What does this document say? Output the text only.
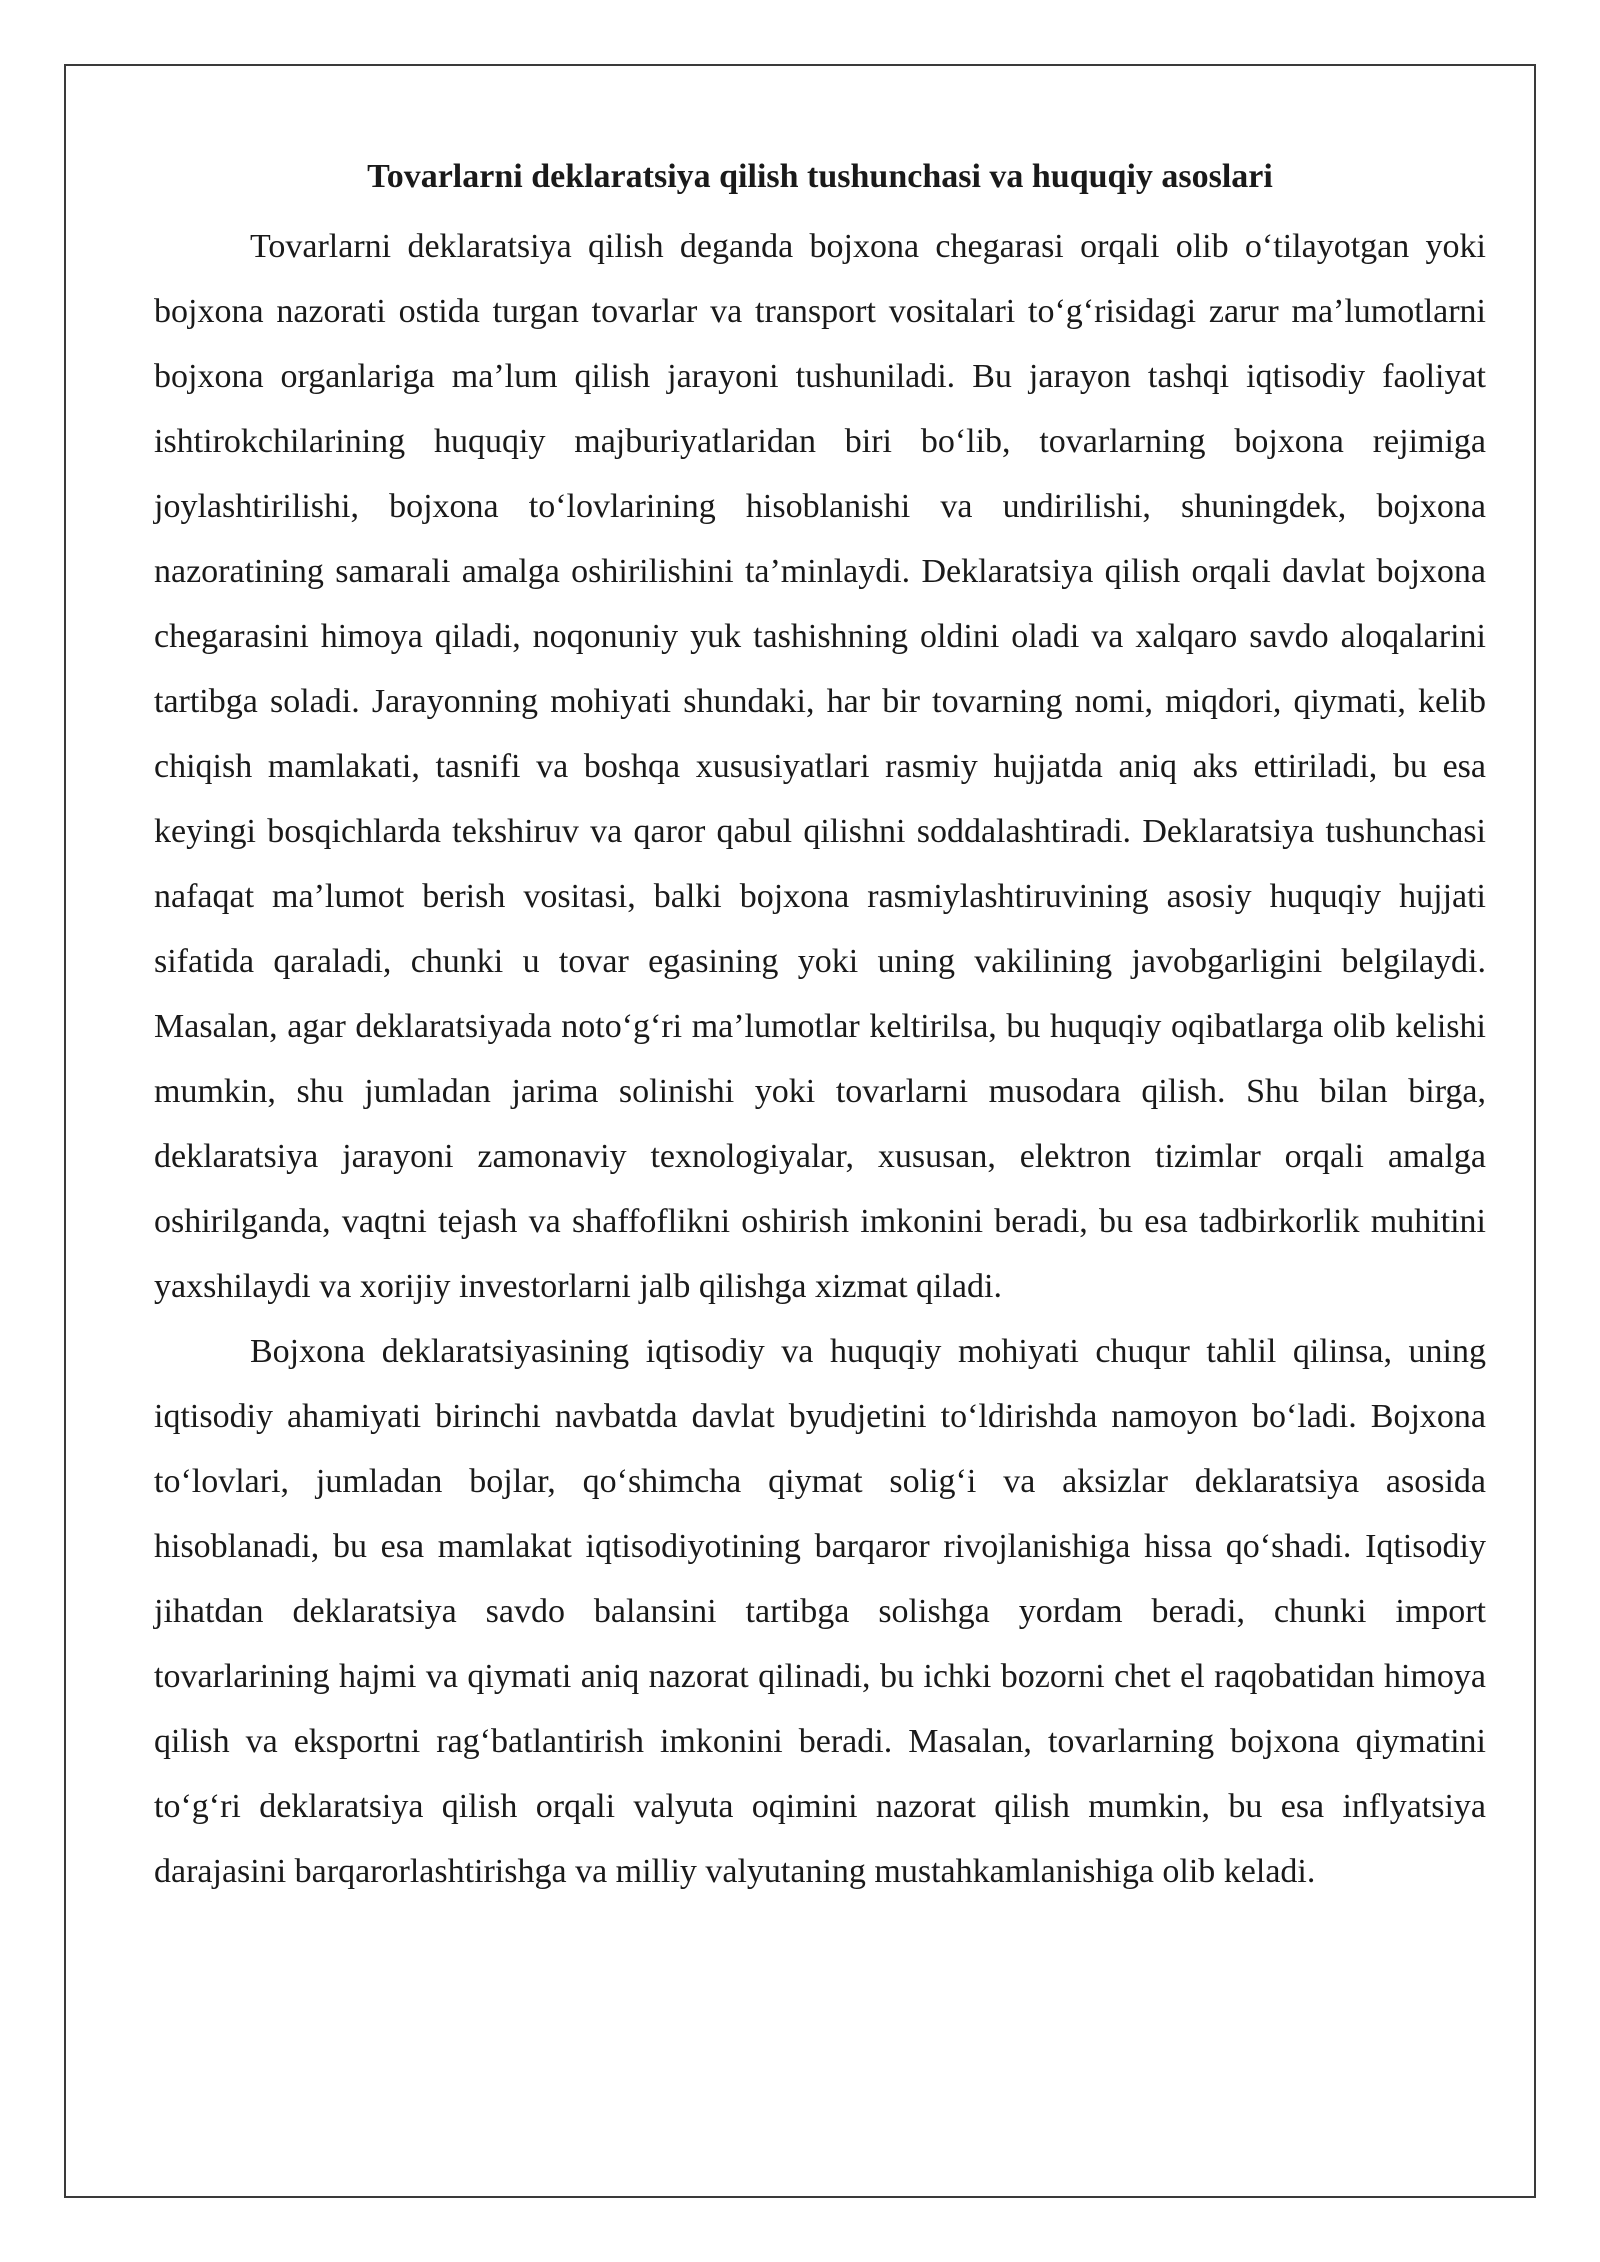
Tovarlarni deklaratsiya qilish tushunchasi va huquqiy asoslari

Tovarlarni deklaratsiya qilish deganda bojxona chegarasi orqali olib o‘tilayotgan yoki bojxona nazorati ostida turgan tovarlar va transport vositalari to‘g‘risidagi zarur ma’lumotlarni bojxona organlariga ma’lum qilish jarayoni tushuniladi. Bu jarayon tashqi iqtisodiy faoliyat ishtirokchilarining huquqiy majburiyatlaridan biri bo‘lib, tovarlarning bojxona rejimiga joylashtirilishi, bojxona to‘lovlarining hisoblanishi va undirilishi, shuningdek, bojxona nazoratining samarali amalga oshirilishini ta’minlaydi. Deklaratsiya qilish orqali davlat bojxona chegarasini himoya qiladi, noqonuniy yuk tashishning oldini oladi va xalqaro savdo aloqalarini tartibga soladi. Jarayonning mohiyati shundaki, har bir tovarning nomi, miqdori, qiymati, kelib chiqish mamlakati, tasnifi va boshqa xususiyatlari rasmiy hujjatda aniq aks ettiriladi, bu esa keyingi bosqichlarda tekshiruv va qaror qabul qilishni soddalashtiradi. Deklaratsiya tushunchasi nafaqat ma’lumot berish vositasi, balki bojxona rasmiylashtiruvining asosiy huquqiy hujjati sifatida qaraladi, chunki u tovar egasining yoki uning vakilining javobgarligini belgilaydi. Masalan, agar deklaratsiyada noto‘g‘ri ma’lumotlar keltirilsa, bu huquqiy oqibatlarga olib kelishi mumkin, shu jumladan jarima solinishi yoki tovarlarni musodara qilish. Shu bilan birga, deklaratsiya jarayoni zamonaviy texnologiyalar, xususan, elektron tizimlar orqali amalga oshirilganda, vaqtni tejash va shaffoflikni oshirish imkonini beradi, bu esa tadbirkorlik muhitini yaxshilaydi va xorijiy investorlarni jalb qilishga xizmat qiladi.

Bojxona deklaratsiyasining iqtisodiy va huquqiy mohiyati chuqur tahlil qilinsa, uning iqtisodiy ahamiyati birinchi navbatda davlat byudjetini to‘ldirishda namoyon bo‘ladi. Bojxona to‘lovlari, jumladan bojlar, qo‘shimcha qiymat solig‘i va aksizlar deklaratsiya asosida hisoblanadi, bu esa mamlakat iqtisodiyotining barqaror rivojlanishiga hissa qo‘shadi. Iqtisodiy jihatdan deklaratsiya savdo balansini tartibga solishga yordam beradi, chunki import tovarlarining hajmi va qiymati aniq nazorat qilinadi, bu ichki bozorni chet el raqobatidan himoya qilish va eksportni rag‘batlantirish imkonini beradi. Masalan, tovarlarning bojxona qiymatini to‘g‘ri deklaratsiya qilish orqali valyuta oqimini nazorat qilish mumkin, bu esa inflyatsiya darajasini barqarorlashtirishga va milliy valyutaning mustahkamlanishiga olib keladi.
